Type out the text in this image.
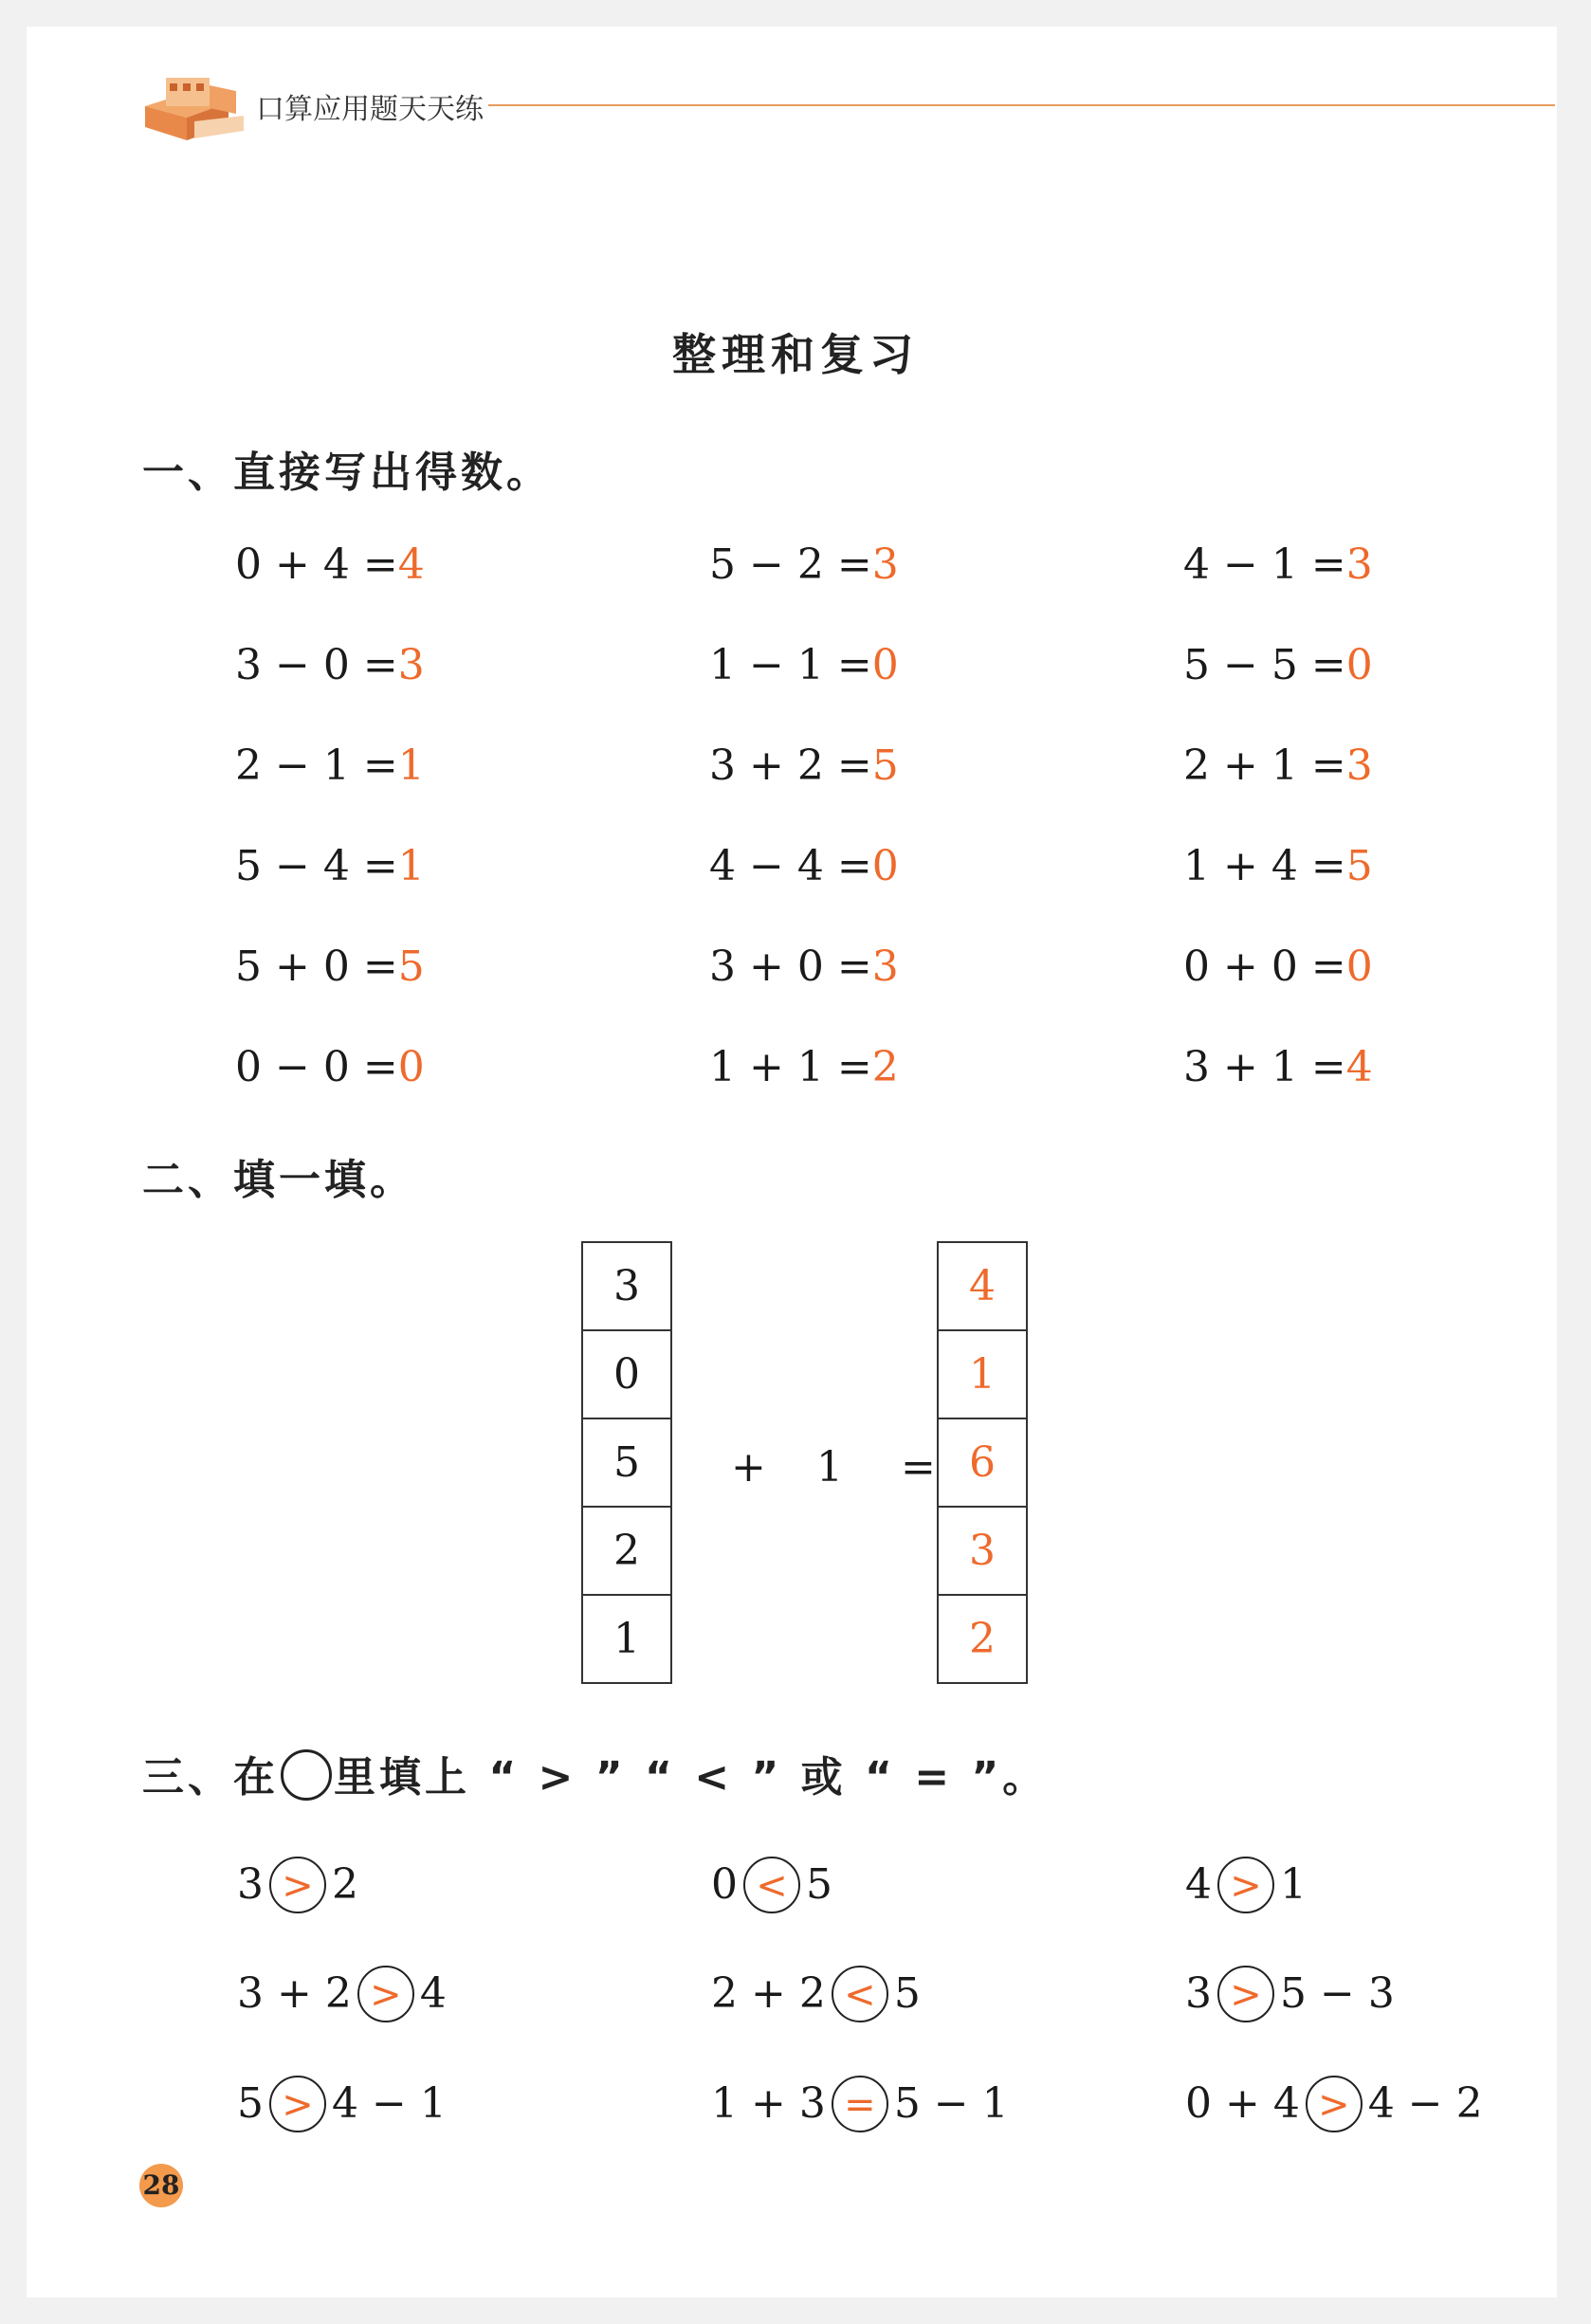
口算应用题天天练
整理和复习
一、直接写出得数。
0 + 4 =4	5 − 2 =3	4 − 1 =3
3 − 0 =3	1 − 1 =0	5 − 5 =0
2 − 1 =1	3 + 2 =5	2 + 1 =3
5 − 4 =1	4 − 4 =0	1 + 4 =5
5 + 0 =5	3 + 0 =3	0 + 0 =0
0 − 0 =0	1 + 1 =2	3 + 1 =4
二、填一填。
3
0
5
2
1
+ 1 =
4
1
6
3
2
三、在 里填上 “ > ” “ < ” 或 “ = ”。
3 > 2	0 < 5	4 > 1
3 + 2 > 4	2 + 2 < 5	3 > 5 − 3
5 > 4 − 1	1 + 3 = 5 − 1	0 + 4 > 4 − 2
28
